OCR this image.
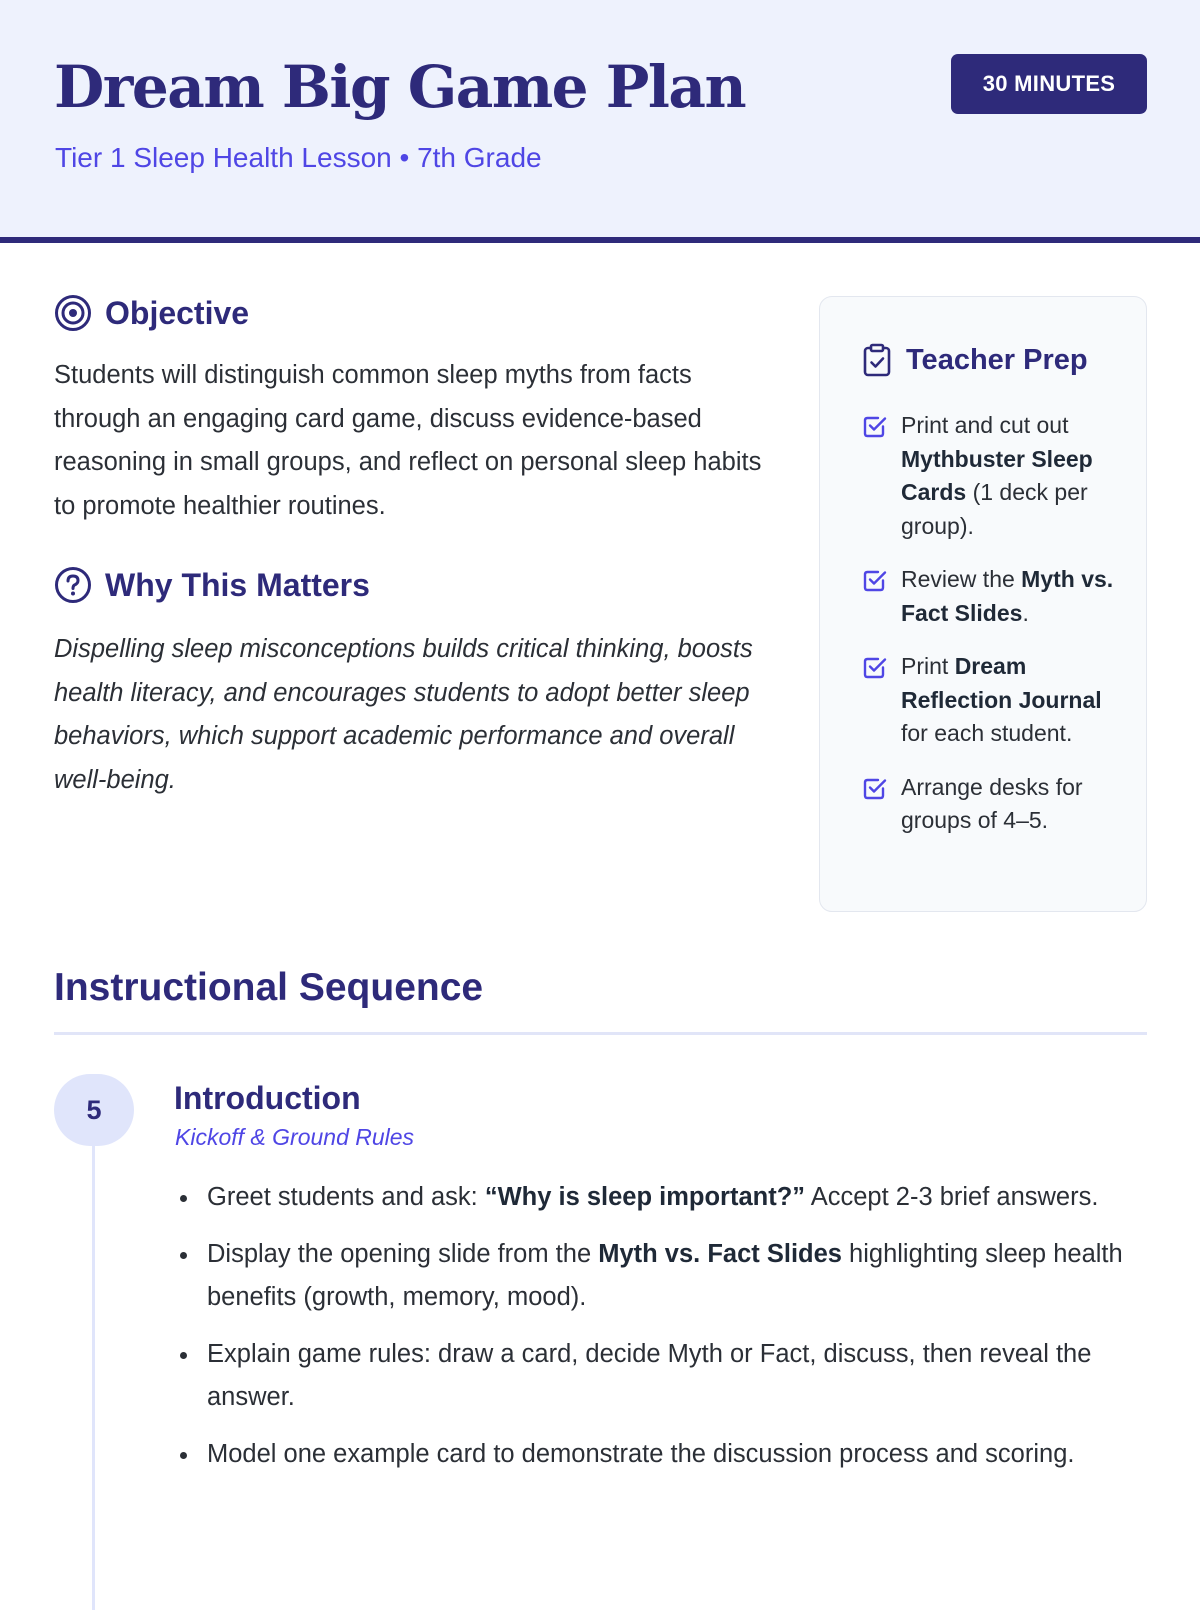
Dream Big Game Plan
Tier 1 Sleep Health Lesson • 7th Grade
30 MINUTES
Objective

Students will distinguish common sleep myths from facts through an engaging card game, discuss evidence-based reasoning in small groups, and reflect on personal sleep habits to promote healthier routines.

Why This Matters

Dispelling sleep misconceptions builds critical thinking, boosts health literacy, and encourages students to adopt better sleep behaviors, which support academic performance and overall well-being.

Teacher Prep
Print and cut out Mythbuster Sleep Cards (1 deck per group).
Review the Myth vs. Fact Slides.
Print Dream Reflection Journal for each student.
Arrange desks for groups of 4–5.
Instructional Sequence
5	Introduction
Kickoff & Ground Rules
Greet students and ask: “Why is sleep important?” Accept 2-3 brief answers.
Display the opening slide from the Myth vs. Fact Slides highlighting sleep health benefits (growth, memory, mood).
Explain game rules: draw a card, decide Myth or Fact, discuss, then reveal the answer.
Model one example card to demonstrate the discussion process and scoring.
